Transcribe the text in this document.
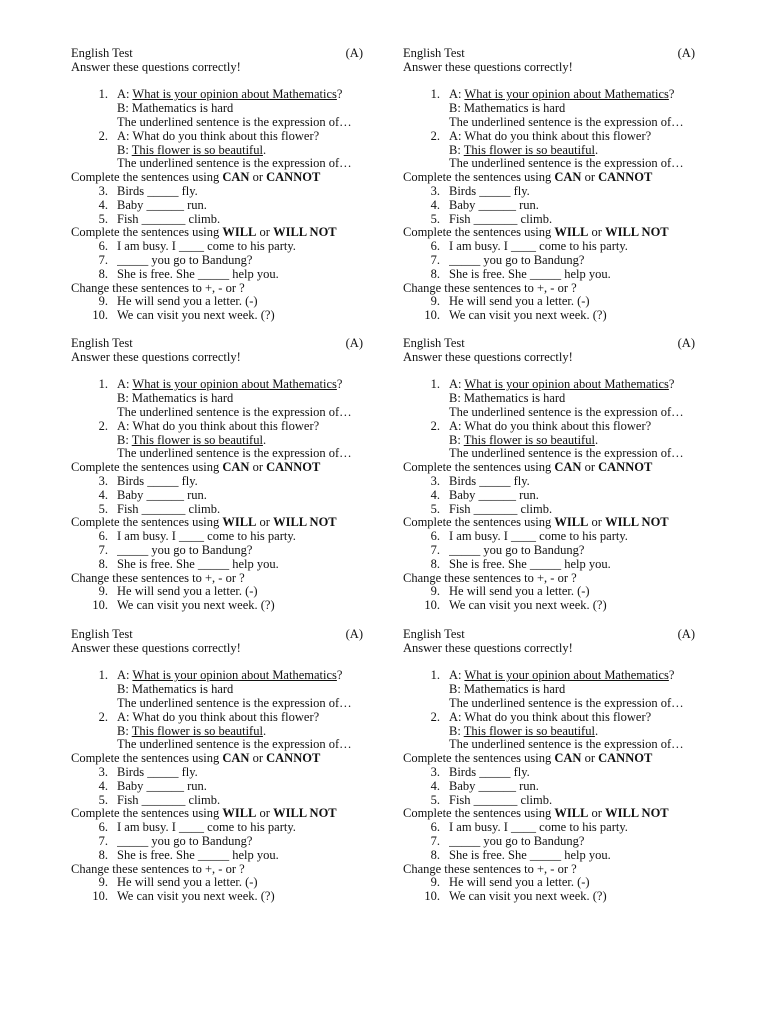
English Test	(A)
Answer these questions correctly!
1. A: What is your opinion about Mathematics?
B: Mathematics is hard
The underlined sentence is the expression of…
2. A: What do you think about this flower?
B: This flower is so beautiful.
The underlined sentence is the expression of…
Complete the sentences using CAN or CANNOT
3. Birds _____ fly.
4. Baby ______ run.
5. Fish _______ climb.
Complete the sentences using WILL or WILL NOT
6. I am busy. I ____ come to his party.
7. _____ you go to Bandung?
8. She is free. She _____ help you.
Change these sentences to +, - or ?
9. He will send you a letter. (-)
10. We can visit you next week. (?)
English Test	(A)
Answer these questions correctly!
1. A: What is your opinion about Mathematics?
B: Mathematics is hard
The underlined sentence is the expression of…
2. A: What do you think about this flower?
B: This flower is so beautiful.
The underlined sentence is the expression of…
Complete the sentences using CAN or CANNOT
3. Birds _____ fly.
4. Baby ______ run.
5. Fish _______ climb.
Complete the sentences using WILL or WILL NOT
6. I am busy. I ____ come to his party.
7. _____ you go to Bandung?
8. She is free. She _____ help you.
Change these sentences to +, - or ?
9. He will send you a letter. (-)
10. We can visit you next week. (?)
English Test	(A)
Answer these questions correctly!
1. A: What is your opinion about Mathematics?
B: Mathematics is hard
The underlined sentence is the expression of…
2. A: What do you think about this flower?
B: This flower is so beautiful.
The underlined sentence is the expression of…
Complete the sentences using CAN or CANNOT
3. Birds _____ fly.
4. Baby ______ run.
5. Fish _______ climb.
Complete the sentences using WILL or WILL NOT
6. I am busy. I ____ come to his party.
7. _____ you go to Bandung?
8. She is free. She _____ help you.
Change these sentences to +, - or ?
9. He will send you a letter. (-)
10. We can visit you next week. (?)
English Test	(A)
Answer these questions correctly!
1. A: What is your opinion about Mathematics?
B: Mathematics is hard
The underlined sentence is the expression of…
2. A: What do you think about this flower?
B: This flower is so beautiful.
The underlined sentence is the expression of…
Complete the sentences using CAN or CANNOT
3. Birds _____ fly.
4. Baby ______ run.
5. Fish _______ climb.
Complete the sentences using WILL or WILL NOT
6. I am busy. I ____ come to his party.
7. _____ you go to Bandung?
8. She is free. She _____ help you.
Change these sentences to +, - or ?
9. He will send you a letter. (-)
10. We can visit you next week. (?)
English Test	(A)
Answer these questions correctly!
1. A: What is your opinion about Mathematics?
B: Mathematics is hard
The underlined sentence is the expression of…
2. A: What do you think about this flower?
B: This flower is so beautiful.
The underlined sentence is the expression of…
Complete the sentences using CAN or CANNOT
3. Birds _____ fly.
4. Baby ______ run.
5. Fish _______ climb.
Complete the sentences using WILL or WILL NOT
6. I am busy. I ____ come to his party.
7. _____ you go to Bandung?
8. She is free. She _____ help you.
Change these sentences to +, - or ?
9. He will send you a letter. (-)
10. We can visit you next week. (?)
English Test	(A)
Answer these questions correctly!
1. A: What is your opinion about Mathematics?
B: Mathematics is hard
The underlined sentence is the expression of…
2. A: What do you think about this flower?
B: This flower is so beautiful.
The underlined sentence is the expression of…
Complete the sentences using CAN or CANNOT
3. Birds _____ fly.
4. Baby ______ run.
5. Fish _______ climb.
Complete the sentences using WILL or WILL NOT
6. I am busy. I ____ come to his party.
7. _____ you go to Bandung?
8. She is free. She _____ help you.
Change these sentences to +, - or ?
9. He will send you a letter. (-)
10. We can visit you next week. (?)
